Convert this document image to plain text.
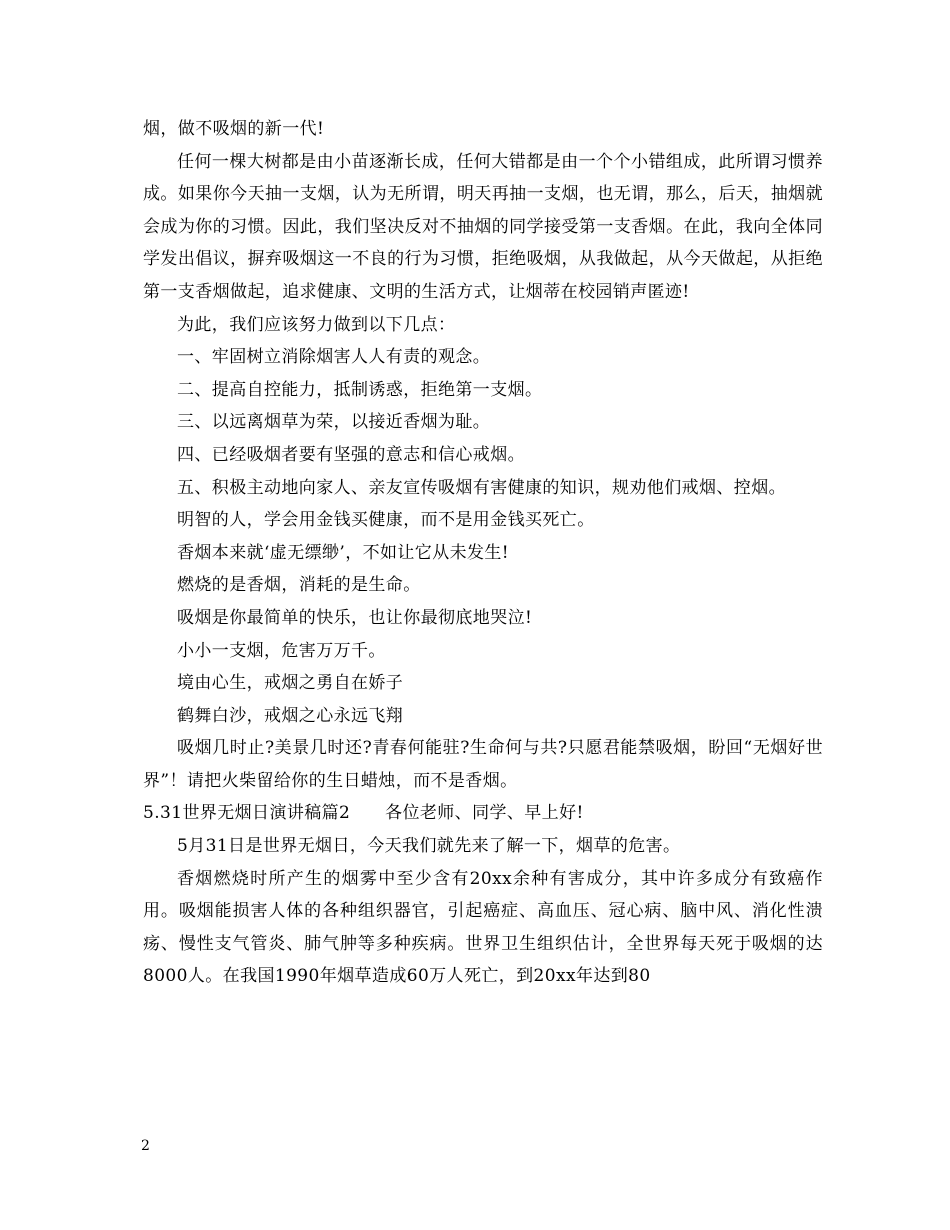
烟，做不吸烟的新一代!

任何一棵大树都是由小苗逐渐长成，任何大错都是由一个个小错组成，此所谓习惯养成。如果你今天抽一支烟，认为无所谓，明天再抽一支烟，也无谓，那么，后天，抽烟就会成为你的习惯。因此，我们坚决反对不抽烟的同学接受第一支香烟。在此，我向全体同学发出倡议，摒弃吸烟这一不良的行为习惯，拒绝吸烟，从我做起，从今天做起，从拒绝第一支香烟做起，追求健康、文明的生活方式，让烟蒂在校园销声匿迹!

为此，我们应该努力做到以下几点：

一、牢固树立消除烟害人人有责的观念。

二、提高自控能力，抵制诱惑，拒绝第一支烟。

三、以远离烟草为荣，以接近香烟为耻。

四、已经吸烟者要有坚强的意志和信心戒烟。

五、积极主动地向家人、亲友宣传吸烟有害健康的知识，规劝他们戒烟、控烟。

明智的人，学会用金钱买健康，而不是用金钱买死亡。

香烟本来就‘虚无缥缈’，不如让它从未发生!

燃烧的是香烟，消耗的是生命。

吸烟是你最简单的快乐，也让你最彻底地哭泣!

小小一支烟，危害万万千。

境由心生，戒烟之勇自在娇子

鹤舞白沙，戒烟之心永远飞翔

吸烟几时止?美景几时还?青春何能驻?生命何与共?只愿君能禁吸烟，盼回“无烟好世界”！请把火柴留给你的生日蜡烛，而不是香烟。

5.31世界无烟日演讲稿篇2　　各位老师、同学、早上好!

5月31日是世界无烟日，今天我们就先来了解一下，烟草的危害。

香烟燃烧时所产生的烟雾中至少含有20xx余种有害成分，其中许多成分有致癌作用。吸烟能损害人体的各种组织器官，引起癌症、高血压、冠心病、脑中风、消化性溃疡、慢性支气管炎、肺气肿等多种疾病。世界卫生组织估计，全世界每天死于吸烟的达8000人。在我国1990年烟草造成60万人死亡，到20xx年达到80

2
